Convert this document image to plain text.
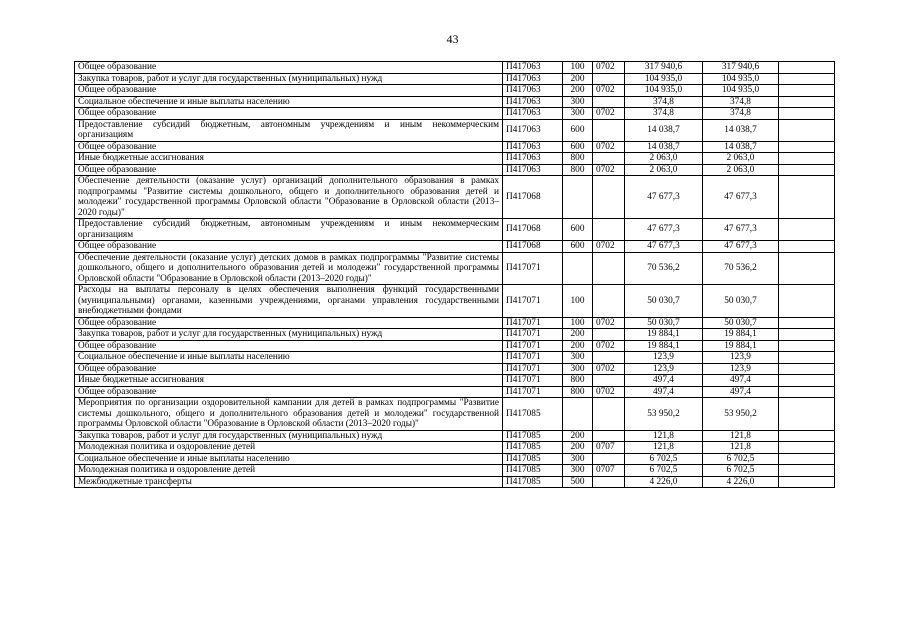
43
Общее образование	П417063	100	0702	317 940,6	317 940,6	
Закупка товаров, работ и услуг для государственных (муниципальных) нужд	П417063	200		104 935,0	104 935,0	
Общее образование	П417063	200	0702	104 935,0	104 935,0	
Социальное обеспечение и иные выплаты населению	П417063	300		374,8	374,8	
Общее образование	П417063	300	0702	374,8	374,8	
Предоставление субсидий бюджетным, автономным учреждениям и иным некоммерческим организациям	П417063	600		14 038,7	14 038,7	
Общее образование	П417063	600	0702	14 038,7	14 038,7	
Иные бюджетные ассигнования	П417063	800		2 063,0	2 063,0	
Общее образование	П417063	800	0702	2 063,0	2 063,0	
Обеспечение деятельности (оказание услуг) организаций дополнительного образования в рамках подпрограммы "Развитие системы дошкольного, общего и дополнительного образования детей и молодежи" государственной программы Орловской области "Образование в Орловской области (2013–2020 годы)"	П417068			47 677,3	47 677,3	
Предоставление субсидий бюджетным, автономным учреждениям и иным некоммерческим организациям	П417068	600		47 677,3	47 677,3	
Общее образование	П417068	600	0702	47 677,3	47 677,3	
Обеспечение деятельности (оказание услуг) детских домов в рамках подпрограммы "Развитие системы дошкольного, общего и дополнительного образования детей и молодежи" государственной программы Орловской области "Образование в Орловской области (2013–2020 годы)"	П417071			70 536,2	70 536,2	
Расходы на выплаты персоналу в целях обеспечения выполнения функций государственными (муниципальными) органами, казенными учреждениями, органами управления государственными внебюджетными фондами	П417071	100		50 030,7	50 030,7	
Общее образование	П417071	100	0702	50 030,7	50 030,7	
Закупка товаров, работ и услуг для государственных (муниципальных) нужд	П417071	200		19 884,1	19 884,1	
Общее образование	П417071	200	0702	19 884,1	19 884,1	
Социальное обеспечение и иные выплаты населению	П417071	300		123,9	123,9	
Общее образование	П417071	300	0702	123,9	123,9	
Иные бюджетные ассигнования	П417071	800		497,4	497,4	
Общее образование	П417071	800	0702	497,4	497,4	
Мероприятия по организации оздоровительной кампании для детей в рамках подпрограммы "Развитие системы дошкольного, общего и дополнительного образования детей и молодежи" государственной программы Орловской области "Образование в Орловской области (2013–2020 годы)"	П417085			53 950,2	53 950,2	
Закупка товаров, работ и услуг для государственных (муниципальных) нужд	П417085	200		121,8	121,8	
Молодежная политика и оздоровление детей	П417085	200	0707	121,8	121,8	
Социальное обеспечение и иные выплаты населению	П417085	300		6 702,5	6 702,5	
Молодежная политика и оздоровление детей	П417085	300	0707	6 702,5	6 702,5	
Межбюджетные трансферты	П417085	500		4 226,0	4 226,0	
